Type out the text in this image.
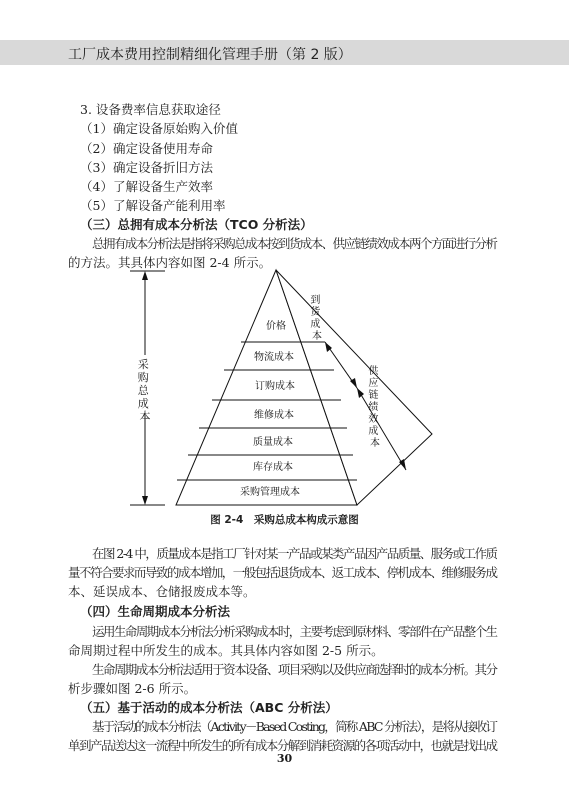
工厂成本费用控制精细化管理手册（第 2 版）
3. 设备费率信息获取途径
（1）确定设备原始购入价值
（2）确定设备使用寿命
（3）确定设备折旧方法
（4）了解设备生产效率
（5）了解设备产能利用率
（三）总拥有成本分析法（TCO 分析法）
总拥有成本分析法是指将采购总成本按到货成本、供应链绩效成本两个方面进行分析
的方法。其具体内容如图 2-4 所示。
采 购 总 成 本
价格
物流成本
订购成本
维修成本
质量成本
库存成本
采购管理成本
到 货 成 本
供 应 链 绩 效 成 本
图 2-4　采购总成本构成示意图
在图 2-4 中，质量成本是指工厂针对某一产品或某类产品因产品质量、服务或工作质
量不符合要求而导致的成本增加，一般包括退货成本、返工成本、停机成本、维修服务成
本、延误成本、仓储报废成本等。
（四）生命周期成本分析法
运用生命周期成本分析法分析采购成本时，主要考虑到原材料、零部件在产品整个生
命周期过程中所发生的成本。其具体内容如图 2-5 所示。
生命周期成本分析法适用于资本设备、项目采购以及供应商选择时的成本分析。其分
析步骤如图 2-6 所示。
（五）基于活动的成本分析法（ABC 分析法）
基于活动的成本分析法（Activity－Based Costing，简称 ABC 分析法），是将从接收订
单到产品送达这一流程中所发生的所有成本分解到消耗资源的各项活动中，也就是找出成
30
